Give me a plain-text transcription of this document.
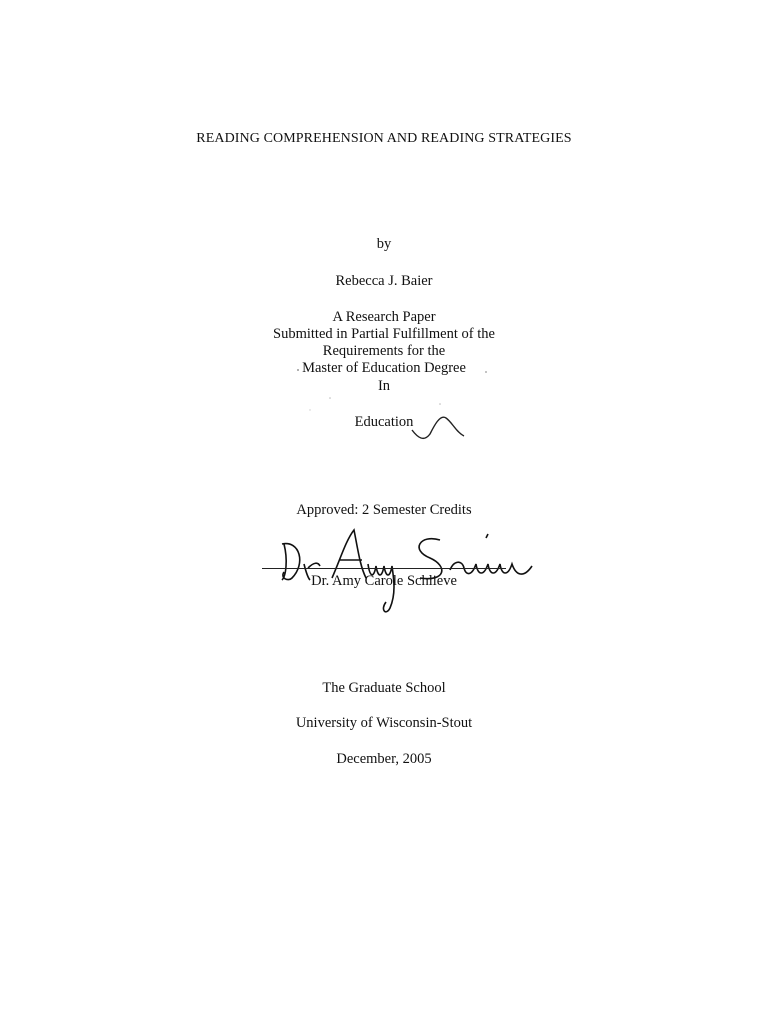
READING COMPREHENSION AND READING STRATEGIES
by
Rebecca J. Baier
A Research Paper
Submitted in Partial Fulfillment of the
Requirements for the
Master of Education Degree
In
Education
Approved: 2 Semester Credits
Dr. Amy Carole Schlieve
The Graduate School
University of Wisconsin-Stout
December, 2005
